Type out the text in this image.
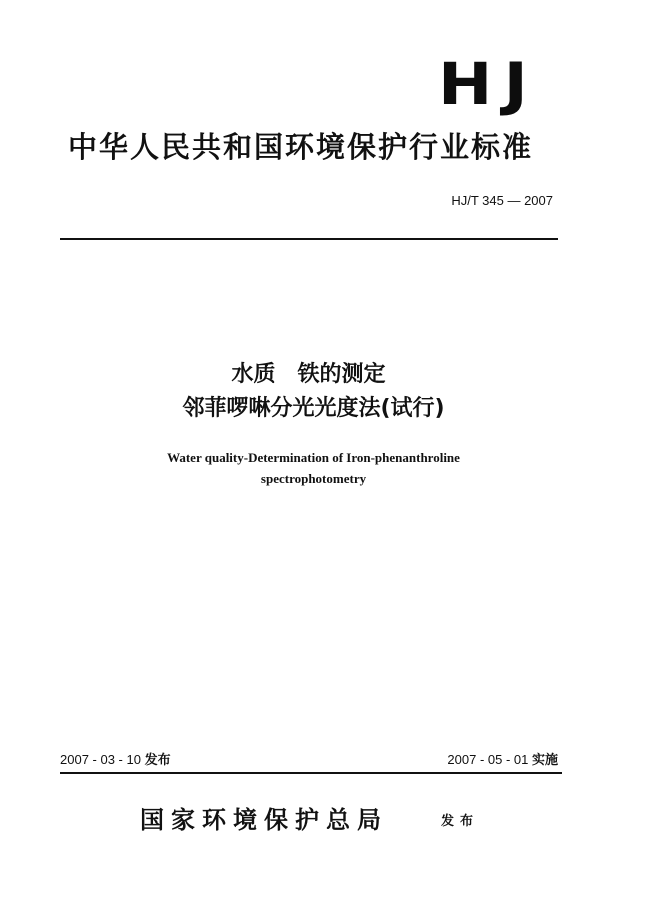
HJ
中华人民共和国环境保护行业标准
HJ/T 345 — 2007
水质　铁的测定
邻菲啰啉分光光度法(试行)
Water quality-Determination of Iron-phenanthroline
spectrophotometry
2007 - 03 - 10 发布	2007 - 05 - 01 实施
国家环境保护总局	发布
